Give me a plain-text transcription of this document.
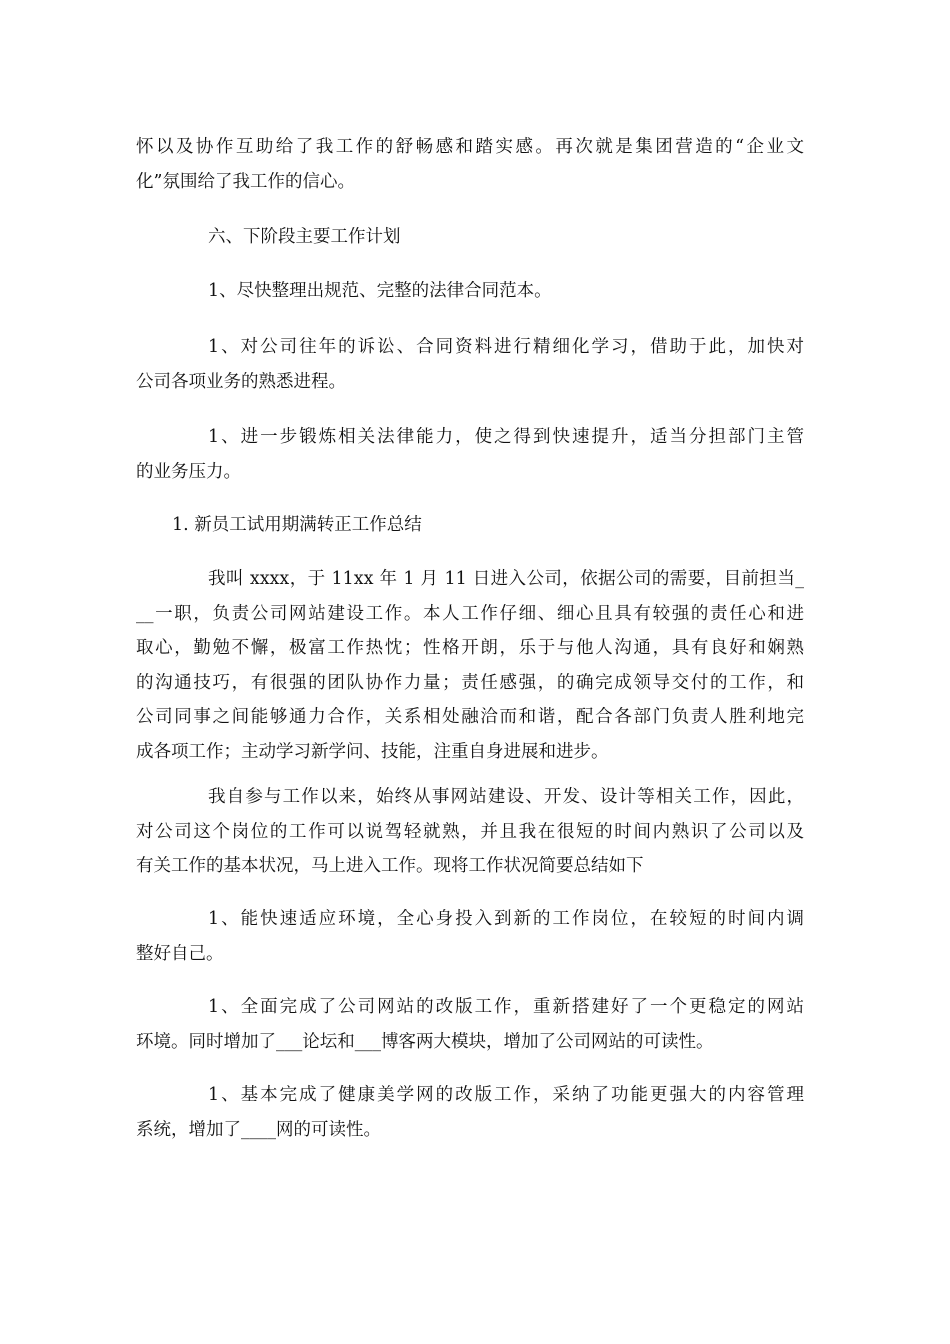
怀以及协作互助给了我工作的舒畅感和踏实感。再次就是集团营造的“企业文
化”氛围给了我工作的信心。

六、下阶段主要工作计划

1、尽快整理出规范、完整的法律合同范本。

1、对公司往年的诉讼、合同资料进行精细化学习，借助于此，加快对
公司各项业务的熟悉进程。
1、进一步锻炼相关法律能力，使之得到快速提升，适当分担部门主管
的业务压力。

1. 新员工试用期满转正工作总结

我叫 xxxx，于 11xx 年 1 月 11 日进入公司，依据公司的需要，目前担当_
__一职，负责公司网站建设工作。本人工作仔细、细心且具有较强的责任心和进
取心，勤勉不懈，极富工作热忱；性格开朗，乐于与他人沟通，具有良好和娴熟
的沟通技巧，有很强的团队协作力量；责任感强，的确完成领导交付的工作，和
公司同事之间能够通力合作，关系相处融洽而和谐，配合各部门负责人胜利地完
成各项工作；主动学习新学问、技能，注重自身进展和进步。
我自参与工作以来，始终从事网站建设、开发、设计等相关工作，因此，
对公司这个岗位的工作可以说驾轻就熟，并且我在很短的时间内熟识了公司以及
有关工作的基本状况，马上进入工作。现将工作状况简要总结如下
1、能快速适应环境，全心身投入到新的工作岗位，在较短的时间内调
整好自己。
1、全面完成了公司网站的改版工作，重新搭建好了一个更稳定的网站
环境。同时增加了___论坛和___博客两大模块，增加了公司网站的可读性。
1、基本完成了健康美学网的改版工作，采纳了功能更强大的内容管理
系统，增加了____网的可读性。
